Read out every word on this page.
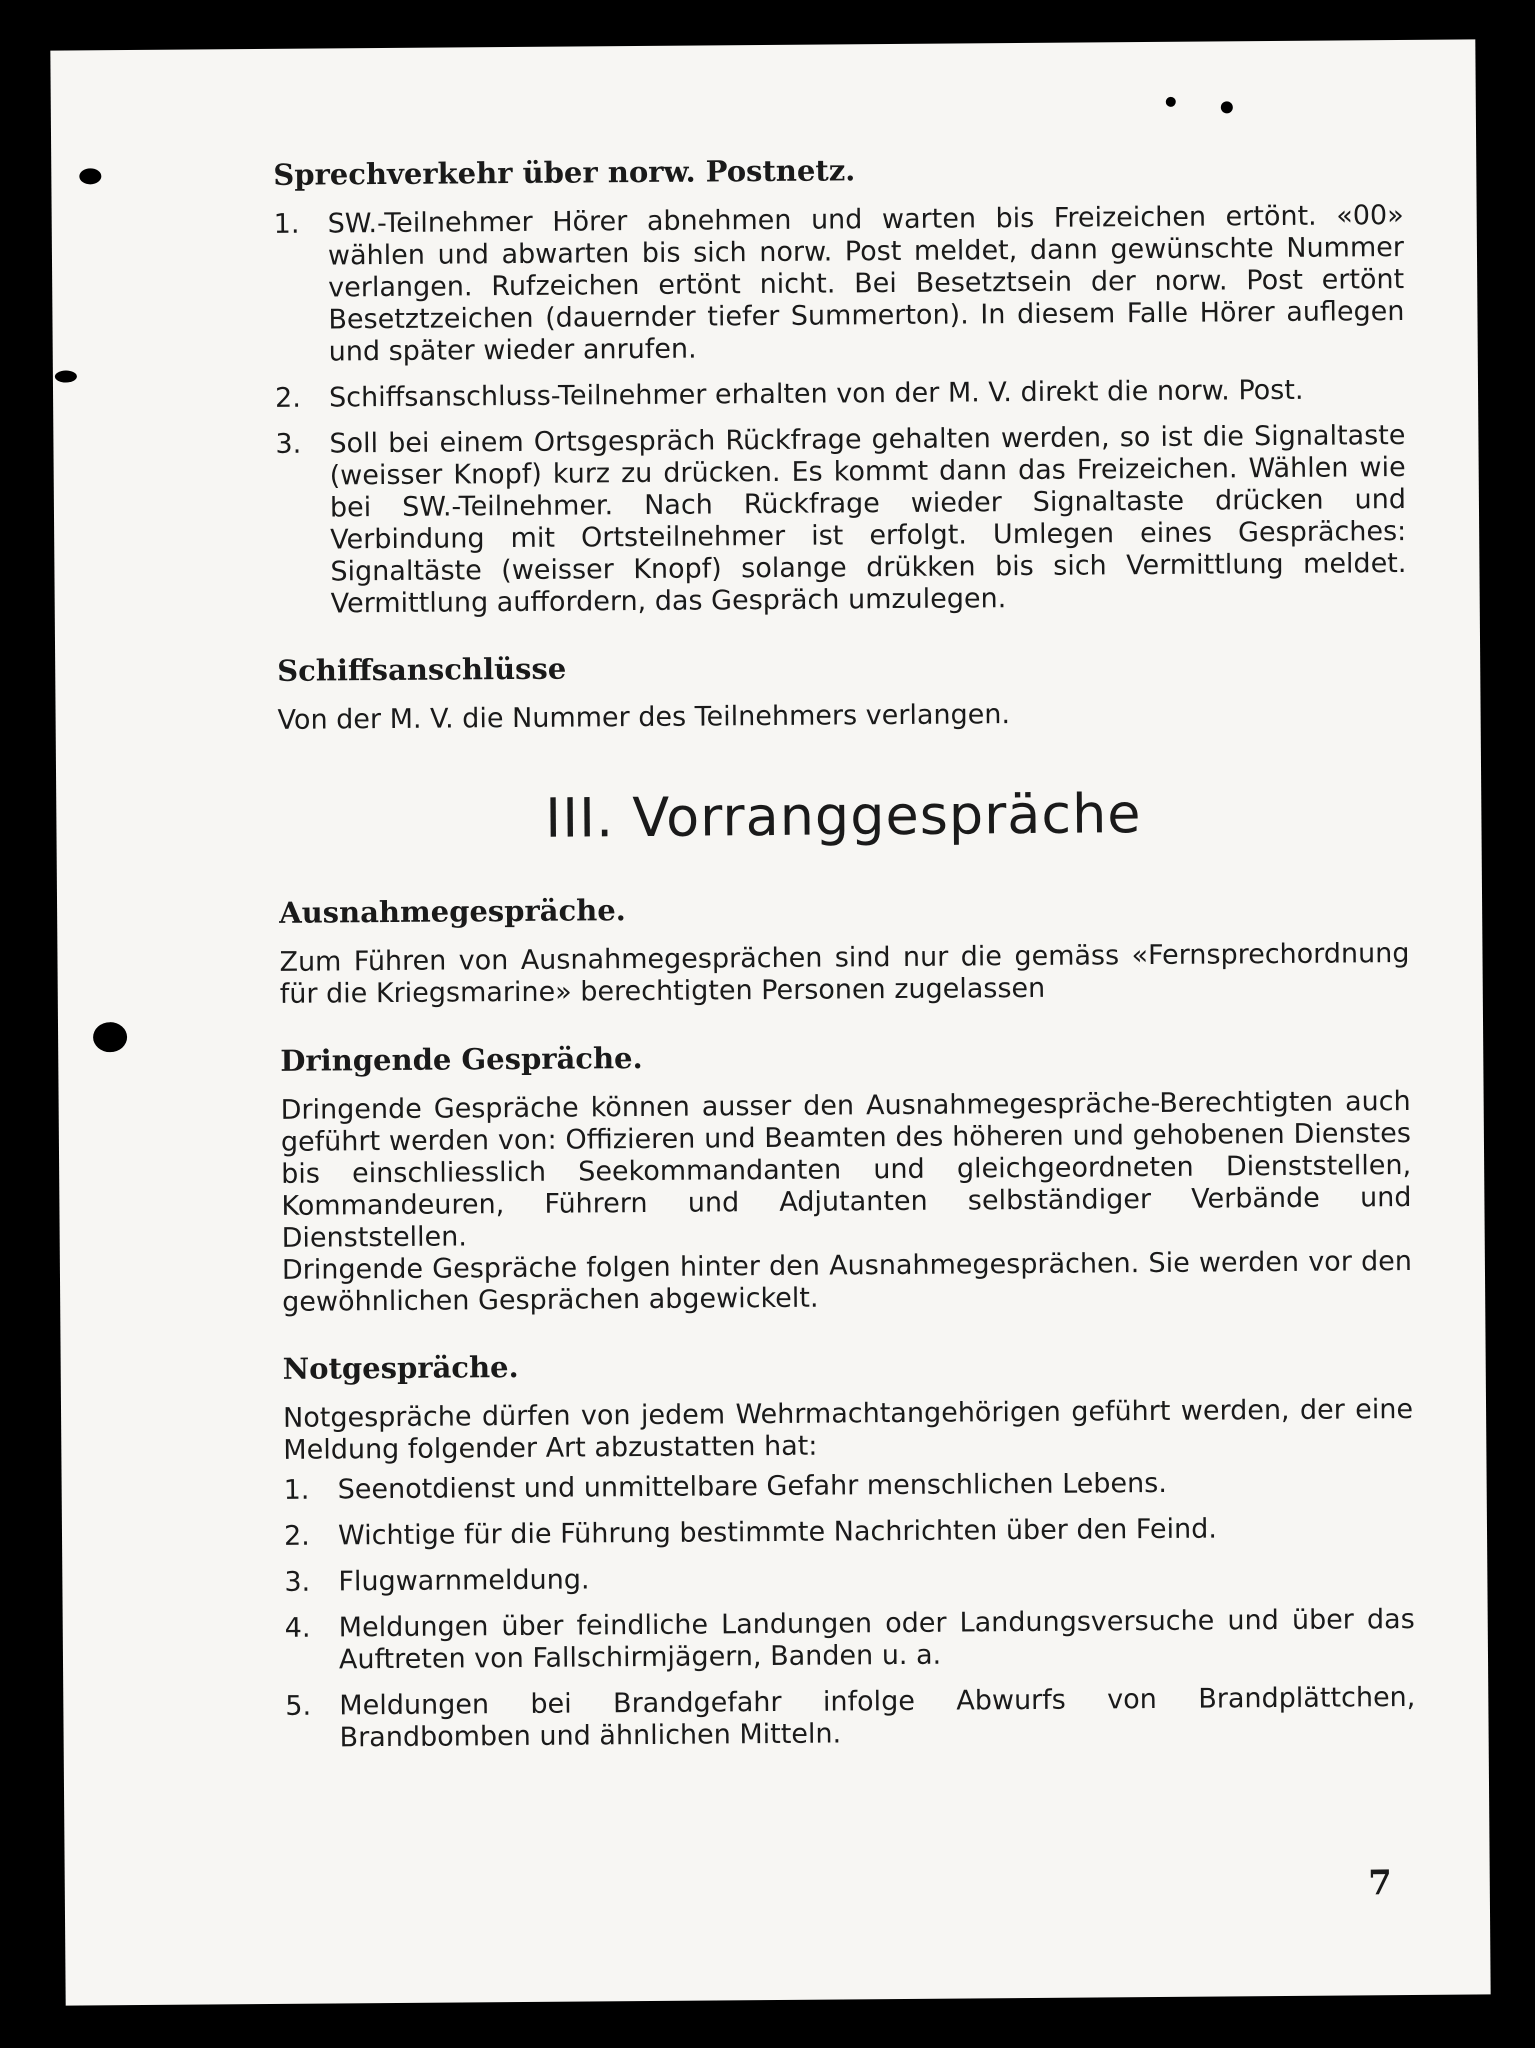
Sprechverkehr über norw. Postnetz.
1.	SW.-Teilnehmer Hörer abnehmen und warten bis Freizeichen ertönt. «00» wählen und abwarten bis sich norw. Post meldet, dann gewünschte Nummer verlangen. Rufzeichen ertönt nicht. Bei Besetztsein der norw. Post ertönt Besetztzeichen (dauernder tiefer Summerton). In diesem Falle Hörer auflegen und später wieder anrufen.
2.	Schiffsanschluss-Teilnehmer erhalten von der M. V. direkt die norw. Post.
3.	Soll bei einem Ortsgespräch Rückfrage gehalten werden, so ist die Signaltaste (weisser Knopf) kurz zu drücken. Es kommt dann das Freizeichen. Wählen wie bei SW.-Teilnehmer. Nach Rückfrage wieder Signaltaste drücken und Verbindung mit Ortsteilnehmer ist erfolgt. Umlegen eines Gespräches: Signaltäste (weisser Knopf) solange drükken bis sich Vermittlung meldet. Vermittlung auffordern, das Gespräch umzulegen.
Schiffsanschlüsse
Von der M. V. die Nummer des Teilnehmers verlangen.
III. Vorranggespräche
Ausnahmegespräche.
Zum Führen von Ausnahmegesprächen sind nur die gemäss «Fernsprechordnung für die Kriegsmarine» berechtigten Personen zugelassen
Dringende Gespräche.
Dringende Gespräche können ausser den Ausnahmegespräche-Berechtigten auch geführt werden von: Offizieren und Beamten des höheren und gehobenen Dienstes bis einschliesslich Seekommandanten und gleichgeordneten Dienststellen, Kommandeuren, Führern und Adjutanten selbständiger Verbände und Dienststellen.
Dringende Gespräche folgen hinter den Ausnahmegesprächen. Sie werden vor den gewöhnlichen Gesprächen abgewickelt.
Notgespräche.
Notgespräche dürfen von jedem Wehrmachtangehörigen geführt werden, der eine Meldung folgender Art abzustatten hat:
1.	Seenotdienst und unmittelbare Gefahr menschlichen Lebens.
2.	Wichtige für die Führung bestimmte Nachrichten über den Feind.
3.	Flugwarnmeldung.
4.	Meldungen über feindliche Landungen oder Landungsversuche und über das Auftreten von Fallschirmjägern, Banden u. a.
5.	Meldungen bei Brandgefahr infolge Abwurfs von Brandplättchen, Brandbomben und ähnlichen Mitteln.
7
